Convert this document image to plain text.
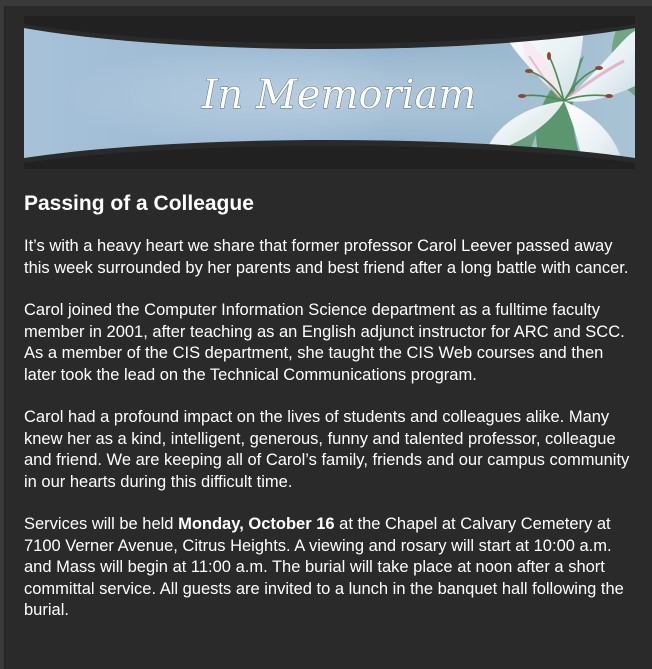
In Memoriam
Passing of a Colleague

It’s with a heavy heart we share that former professor Carol Leever passed away this week surrounded by her parents and best friend after a long battle with cancer.

Carol joined the Computer Information Science department as a fulltime faculty member in 2001, after teaching as an English adjunct instructor for ARC and SCC. As a member of the CIS department, she taught the CIS Web courses and then later took the lead on the Technical Communications program.

Carol had a profound impact on the lives of students and colleagues alike. Many knew her as a kind, intelligent, generous, funny and talented professor, colleague and friend. We are keeping all of Carol’s family, friends and our campus community in our hearts during this difficult time.

Services will be held Monday, October 16 at the Chapel at Calvary Cemetery at 7100 Verner Avenue, Citrus Heights. A viewing and rosary will start at 10:00 a.m. and Mass will begin at 11:00 a.m. The burial will take place at noon after a short committal service. All guests are invited to a lunch in the banquet hall following the burial.
